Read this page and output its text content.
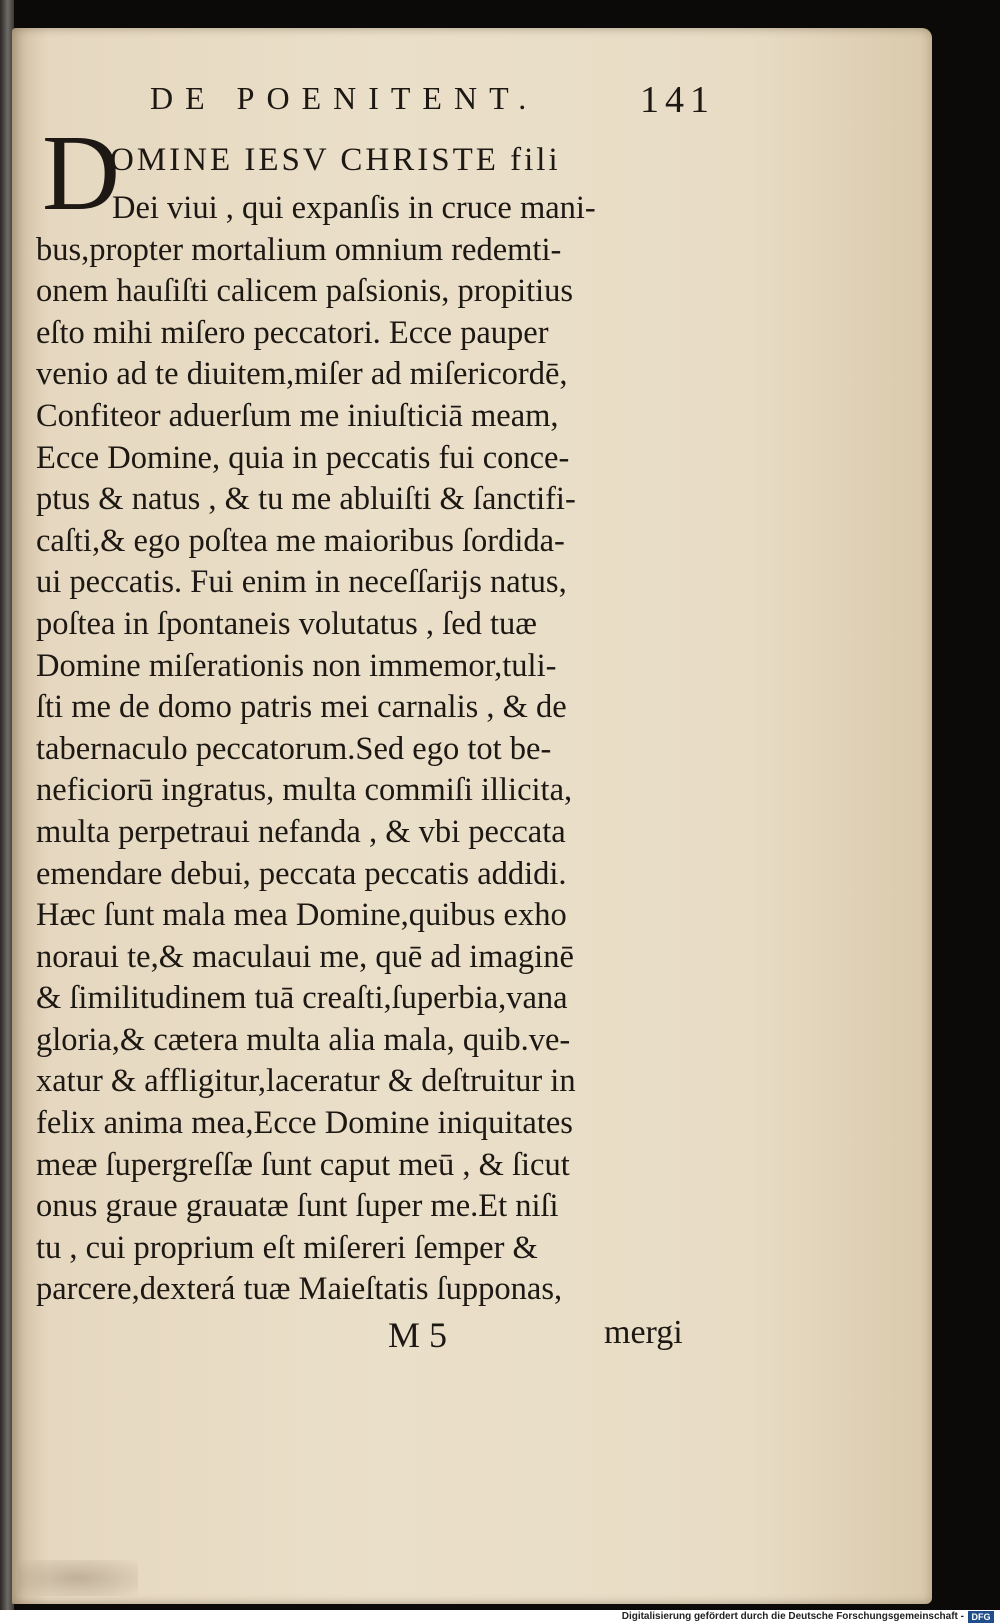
DE POENITENT.	141
D
OMINE IESV CHRISTE fili
Dei viui , qui expanſis in cruce mani-
bus,propter mortalium omnium redemti-
onem hauſiſti calicem paſsionis, propitius
eſto mihi miſero peccatori. Ecce pauper
venio ad te diuitem,miſer ad miſericordē,
Confiteor aduerſum me iniuſticiā meam,
Ecce Domine, quia in peccatis fui conce-
ptus & natus , & tu me abluiſti & ſanctifi-
caſti,& ego poſtea me maioribus ſordida-
ui peccatis. Fui enim in neceſſarijs natus,
poſtea in ſpontaneis volutatus , ſed tuæ
Domine miſerationis non immemor,tuli-
ſti me de domo patris mei carnalis , & de
tabernaculo peccatorum.Sed ego tot be-
neficiorū ingratus, multa commiſi illicita,
multa perpetraui nefanda , & vbi peccata
emendare debui, peccata peccatis addidi.
Hæc ſunt mala mea Domine,quibus exho
noraui te,& maculaui me, quē ad imaginē
& ſimilitudinem tuā creaſti,ſuperbia,vana
gloria,& cætera multa alia mala, quib.ve-
xatur & affligitur,laceratur & deſtruitur in
felix anima mea,Ecce Domine iniquitates
meæ ſupergreſſæ ſunt caput meū , & ſicut
onus graue grauatæ ſunt ſuper me.Et niſi
tu , cui proprium eſt miſereri ſemper &
parcere,dexterá tuæ Maieſtatis ſupponas,
M 5	mergi
Digitalisierung gefördert durch die Deutsche Forschungsgemeinschaft - DFG
